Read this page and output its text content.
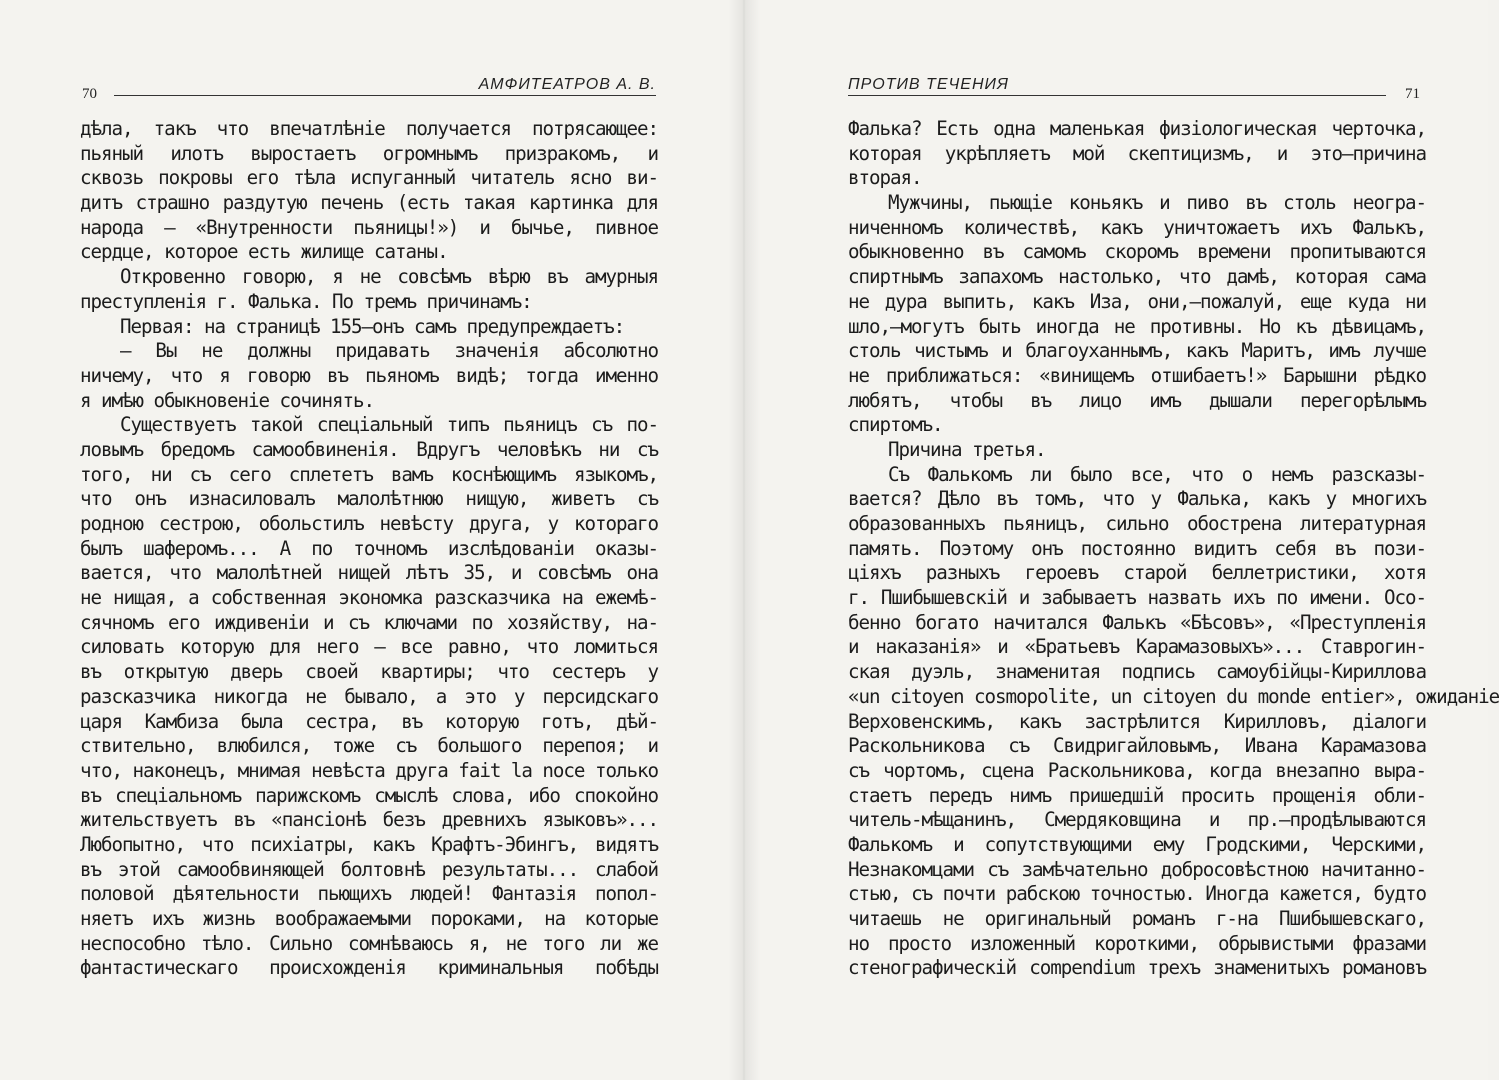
70
АМФИТЕАТРОВ А. В.
дѣла, такъ что впечатлѣніе получается потрясающее:
пьяный илотъ выростаетъ огромнымъ призракомъ, и
сквозь покровы его тѣла испуганный читатель ясно ви-
дитъ страшно раздутую печень (есть такая картинка для
народа — «Внутренности пьяницы!») и бычье, пивное
сердце, которое есть жилище сатаны.
Откровенно говорю, я не совсѣмъ вѣрю въ амурныя
преступленія г. Фалька. По тремъ причинамъ:
Первая: на страницѣ 155—онъ самъ предупреждаетъ:
— Вы не должны придавать значенія абсолютно
ничему, что я говорю въ пьяномъ видѣ; тогда именно
я имѣю обыкновеніе сочинять.
Существуетъ такой спеціальный типъ пьяницъ съ по-
ловымъ бредомъ самообвиненія. Вдругъ человѣкъ ни съ
того, ни съ сего сплететъ вамъ коснѣющимъ языкомъ,
что онъ изнасиловалъ малолѣтнюю нищую, живетъ съ
родною сестрою, обольстилъ невѣсту друга, у котораго
былъ шаферомъ... А по точномъ изслѣдованіи оказы-
вается, что малолѣтней нищей лѣтъ 35, и совсѣмъ она
не нищая, а собственная экономка разсказчика на ежемѣ-
сячномъ его иждивеніи и съ ключами по хозяйству, на-
силовать которую для него — все равно, что ломиться
въ открытую дверь своей квартиры; что сестеръ у
разсказчика никогда не бывало, а это у персидскаго
царя Камбиза была сестра, въ которую готъ, дѣй-
ствительно, влюбился, тоже съ большого перепоя; и
что, наконецъ, мнимая невѣста друга fait la noce только
въ спеціальномъ парижскомъ смыслѣ слова, ибо спокойно
жительствуетъ въ «пансіонѣ безъ древнихъ языковъ»...
Любопытно, что психіатры, какъ Крафтъ-Эбингъ, видятъ
въ этой самообвиняющей болтовнѣ результаты... слабой
половой дѣятельности пьющихъ людей! Фантазія попол-
няетъ ихъ жизнь воображаемыми пороками, на которые
неспособно тѣло. Сильно сомнѣваюсь я, не того ли же
фантастическаго происхожденія криминальныя побѣды
ПРОТИВ ТЕЧЕНИЯ
71
Фалька? Есть одна маленькая физіологическая черточка,
которая укрѣпляетъ мой скептицизмъ, и это—причина
вторая.
Мужчины, пьющіе коньякъ и пиво въ столь неогра-
ниченномъ количествѣ, какъ уничтожаетъ ихъ Фалькъ,
обыкновенно въ самомъ скоромъ времени пропитываются
спиртнымъ запахомъ настолько, что дамѣ, которая сама
не дура выпить, какъ Иза, они,—пожалуй, еще куда ни
шло,—могутъ быть иногда не противны. Но къ дѣвицамъ,
столь чистымъ и благоуханнымъ, какъ Маритъ, имъ лучше
не приближаться: «винищемъ отшибаетъ!» Барышни рѣдко
любятъ, чтобы въ лицо имъ дышали перегорѣлымъ
спиртомъ.
Причина третья.
Съ Фалькомъ ли было все, что о немъ разсказы-
вается? Дѣло въ томъ, что у Фалька, какъ у многихъ
образованныхъ пьяницъ, сильно обострена литературная
память. Поэтому онъ постоянно видитъ себя въ пози-
ціяхъ разныхъ героевъ старой беллетристики, хотя
г. Пшибышевскій и забываетъ назвать ихъ по имени. Осо-
бенно богато начитался Фалькъ «Бѣсовъ», «Преступленія
и наказанія» и «Братьевъ Карамазовыхъ»... Ставрогин-
ская дуэль, знаменитая подпись самоубійцы-Кириллова
«un citoyen cosmopolite, un citoyen du monde entier», ожиданіе
Верховенскимъ, какъ застрѣлится Кирилловъ, діалоги
Раскольникова съ Свидригайловымъ, Ивана Карамазова
съ чортомъ, сцена Раскольникова, когда внезапно выра-
стаетъ передъ нимъ пришедшій просить прощенія обли-
читель-мѣщанинъ, Смердяковщина и пр.—продѣлываются
Фалькомъ и сопутствующими ему Гродскими, Черскими,
Незнакомцами съ замѣчательно добросовѣстною начитанно-
стью, съ почти рабскою точностью. Иногда кажется, будто
читаешь не оригинальный романъ г-на Пшибышевскаго,
но просто изложенный короткими, обрывистыми фразами
стенографическій compendium трехъ знаменитыхъ романовъ
